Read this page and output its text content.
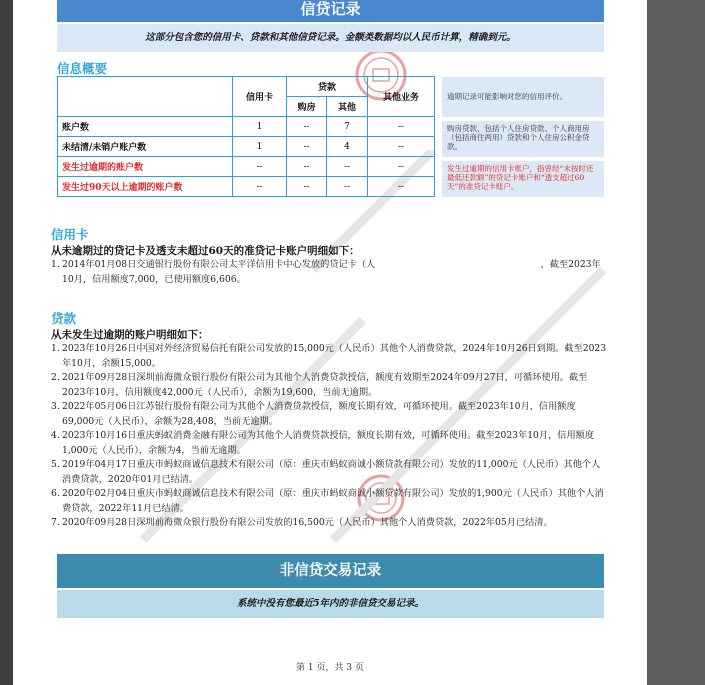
信贷记录
这部分包含您的信用卡、贷款和其他信贷记录。金额类数据均以人民币计算，精确到元。
信息概要
	信用卡	贷款		其他业务
		购房	其他	
账户数	1	--	7	--
未结清/未销户账户数	1	--	4	--
发生过逾期的账户数	--	--	--	--
发生过90天以上逾期的账户数	--	--	--	--
逾期记录可能影响对您的信用评价。
购房贷款，包括个人住房贷款、个人商用房（包括商住两用）贷款和个人住房公积金贷款。
发生过逾期的信用卡账户，指曾经“未按时还最低还款额”的贷记卡账户和“透支超过60天”的准贷记卡账户。
信用卡
从未逾期过的贷记卡及透支未超过60天的准贷记卡账户明细如下：
1. 2014年01月08日交通银行股份有限公司太平洋信用卡中心发放的贷记卡（人　　　　　　　　　　　　　　　　　　，截至2023年10月，信用额度7,000，已使用额度6,606。
贷款
从未发生过逾期的账户明细如下：
1. 2023年10月26日中国对外经济贸易信托有限公司发放的15,000元（人民币）其他个人消费贷款，2024年10月26日到期。截至2023年10月，余额15,000。
2. 2021年09月28日深圳前海微众银行股份有限公司为其他个人消费贷款授信，额度有效期至2024年09月27日，可循环使用。截至2023年10月，信用额度42,000元（人民币），余额为19,600，当前无逾期。
3. 2022年05月06日江苏银行股份有限公司为其他个人消费贷款授信，额度长期有效，可循环使用。截至2023年10月，信用额度69,000元（人民币），余额为28,408，当前无逾期。
4. 2023年10月16日重庆蚂蚁消费金融有限公司为其他个人消费贷款授信，额度长期有效，可循环使用。截至2023年10月，信用额度1,000元（人民币），余额为4，当前无逾期。
5. 2019年04月17日重庆市蚂蚁商诚信息技术有限公司（原：重庆市蚂蚁商诚小额贷款有限公司）发放的11,000元（人民币）其他个人消费贷款，2020年01月已结清。
6. 2020年02月04日重庆市蚂蚁商诚信息技术有限公司（原：重庆市蚂蚁商诚小额贷款有限公司）发放的1,900元（人民币）其他个人消费贷款，2022年11月已结清。
7. 2020年09月28日深圳前海微众银行股份有限公司发放的16,500元（人民币）其他个人消费贷款，2022年05月已结清。
非信贷交易记录
系统中没有您最近5年内的非信贷交易记录。
第 1 页，共 3 页
